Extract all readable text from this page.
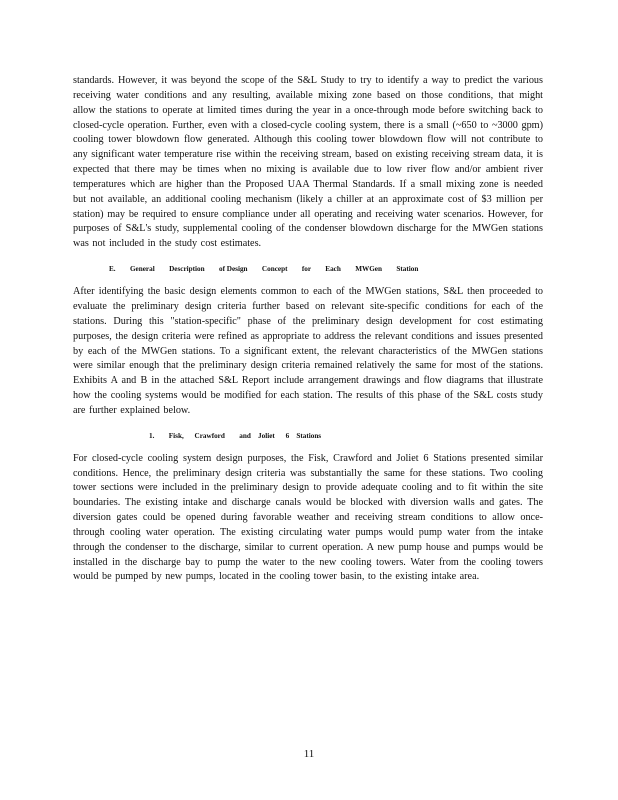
standards. However, it was beyond the scope of the S&L Study to try to identify a way to predict the various receiving water conditions and any resulting, available mixing zone based on those conditions, that might allow the stations to operate at limited times during the year in a once-through mode before switching back to closed-cycle operation. Further, even with a closed-cycle cooling system, there is a small (~650 to ~3000 gpm) cooling tower blowdown flow generated. Although this cooling tower blowdown flow will not contribute to any significant water temperature rise within the receiving stream, based on existing receiving stream data, it is expected that there may be times when no mixing is available due to low river flow and/or ambient river temperatures which are higher than the Proposed UAA Thermal Standards. If a small mixing zone is needed but not available, an additional cooling mechanism (likely a chiller at an approximate cost of $3 million per station) may be required to ensure compliance under all operating and receiving water scenarios. However, for purposes of S&L's study, supplemental cooling of the condenser blowdown discharge for the MWGen stations was not included in the study cost estimates.

E.        General        Description        of Design        Concept        for        Each        MWGen        Station

After identifying the basic design elements common to each of the MWGen stations, S&L then proceeded to evaluate the preliminary design criteria further based on relevant site-specific conditions for each of the stations. During this "station-specific" phase of the preliminary design development for cost estimating purposes, the design criteria were refined as appropriate to address the relevant conditions and issues presented by each of the MWGen stations. To a significant extent, the relevant characteristics of the MWGen stations were similar enough that the preliminary design criteria remained relatively the same for most of the stations. Exhibits A and B in the attached S&L Report include arrangement drawings and flow diagrams that illustrate how the cooling systems would be modified for each station. The results of this phase of the S&L costs study are further explained below.

1.        Fisk,      Crawford        and    Joliet      6    Stations

For closed-cycle cooling system design purposes, the Fisk, Crawford and Joliet 6 Stations presented similar conditions. Hence, the preliminary design criteria was substantially the same for these stations. Two cooling tower sections were included in the preliminary design to provide adequate cooling and to fit within the site boundaries. The existing intake and discharge canals would be blocked with diversion walls and gates. The diversion gates could be opened during favorable weather and receiving stream conditions to allow once-through cooling water operation. The existing circulating water pumps would pump water from the intake through the condenser to the discharge, similar to current operation. A new pump house and pumps would be installed in the discharge bay to pump the water to the new cooling towers. Water from the cooling towers would be pumped by new pumps, located in the cooling tower basin, to the existing intake area.

11
